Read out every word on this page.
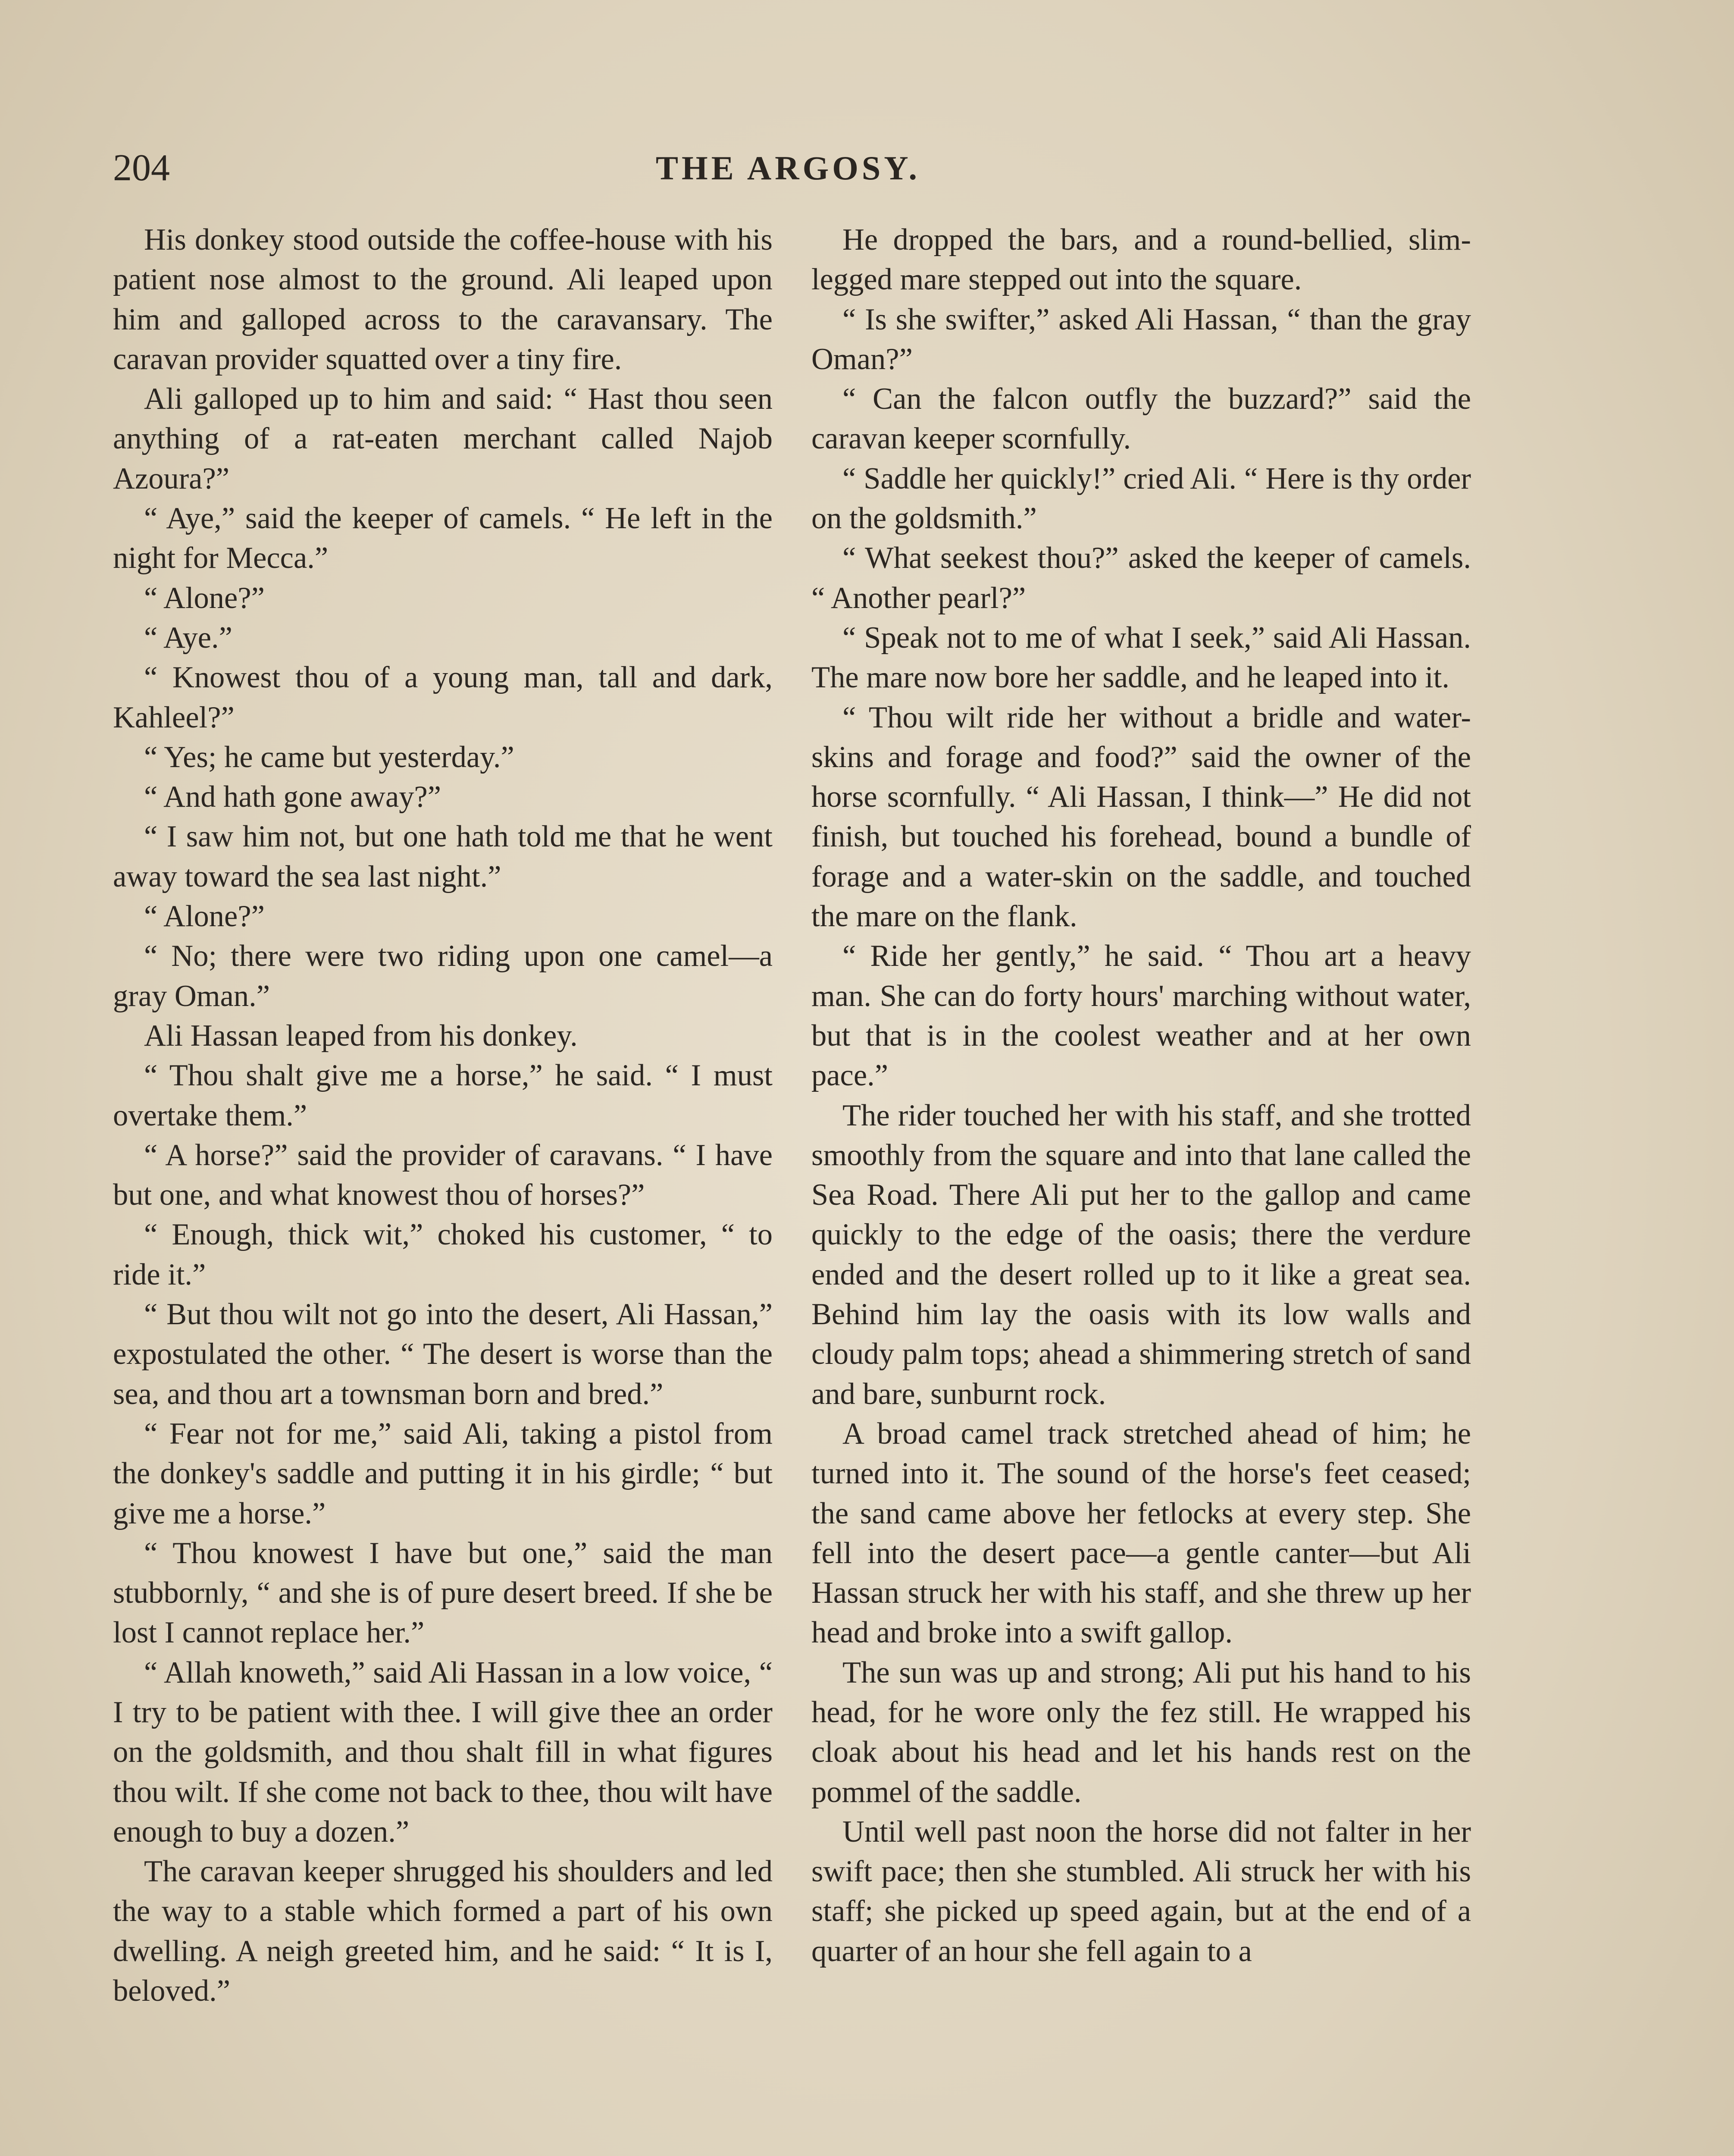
204	THE ARGOSY.

His donkey stood outside the coffee-house with his patient nose almost to the ground. Ali leaped upon him and galloped across to the caravansary. The caravan provider squatted over a tiny fire.

Ali galloped up to him and said: “ Hast thou seen anything of a rat-eaten merchant called Najob Azoura?”

“ Aye,” said the keeper of camels. “ He left in the night for Mecca.”

“ Alone?”

“ Aye.”

“ Knowest thou of a young man, tall and dark, Kahleel?”

“ Yes; he came but yesterday.”

“ And hath gone away?”

“ I saw him not, but one hath told me that he went away toward the sea last night.”

“ Alone?”

“ No; there were two riding upon one camel—a gray Oman.”

Ali Hassan leaped from his donkey.

“ Thou shalt give me a horse,” he said. “ I must overtake them.”

“ A horse?” said the provider of caravans. “ I have but one, and what knowest thou of horses?”

“ Enough, thick wit,” choked his customer, “ to ride it.”

“ But thou wilt not go into the desert, Ali Hassan,” expostulated the other. “ The desert is worse than the sea, and thou art a townsman born and bred.”

“ Fear not for me,” said Ali, taking a pistol from the donkey's saddle and putting it in his girdle; “ but give me a horse.”

“ Thou knowest I have but one,” said the man stubbornly, “ and she is of pure desert breed. If she be lost I cannot replace her.”

“ Allah knoweth,” said Ali Hassan in a low voice, “ I try to be patient with thee. I will give thee an order on the goldsmith, and thou shalt fill in what figures thou wilt. If she come not back to thee, thou wilt have enough to buy a dozen.”

The caravan keeper shrugged his shoulders and led the way to a stable which formed a part of his own dwelling. A neigh greeted him, and he said: “ It is I, beloved.”

He dropped the bars, and a round-bellied, slim-legged mare stepped out into the square.

“ Is she swifter,” asked Ali Hassan, “ than the gray Oman?”

“ Can the falcon outfly the buzzard?” said the caravan keeper scornfully.

“ Saddle her quickly!” cried Ali. “ Here is thy order on the goldsmith.”

“ What seekest thou?” asked the keeper of camels. “ Another pearl?”

“ Speak not to me of what I seek,” said Ali Hassan. The mare now bore her saddle, and he leaped into it.

“ Thou wilt ride her without a bridle and water-skins and forage and food?” said the owner of the horse scornfully. “ Ali Hassan, I think—” He did not finish, but touched his forehead, bound a bundle of forage and a water-skin on the saddle, and touched the mare on the flank.

“ Ride her gently,” he said. “ Thou art a heavy man. She can do forty hours' marching without water, but that is in the coolest weather and at her own pace.”

The rider touched her with his staff, and she trotted smoothly from the square and into that lane called the Sea Road. There Ali put her to the gallop and came quickly to the edge of the oasis; there the verdure ended and the desert rolled up to it like a great sea. Behind him lay the oasis with its low walls and cloudy palm tops; ahead a shimmering stretch of sand and bare, sunburnt rock.

A broad camel track stretched ahead of him; he turned into it. The sound of the horse's feet ceased; the sand came above her fetlocks at every step. She fell into the desert pace—a gentle canter—but Ali Hassan struck her with his staff, and she threw up her head and broke into a swift gallop.

The sun was up and strong; Ali put his hand to his head, for he wore only the fez still. He wrapped his cloak about his head and let his hands rest on the pommel of the saddle.

Until well past noon the horse did not falter in her swift pace; then she stumbled. Ali struck her with his staff; she picked up speed again, but at the end of a quarter of an hour she fell again to a
